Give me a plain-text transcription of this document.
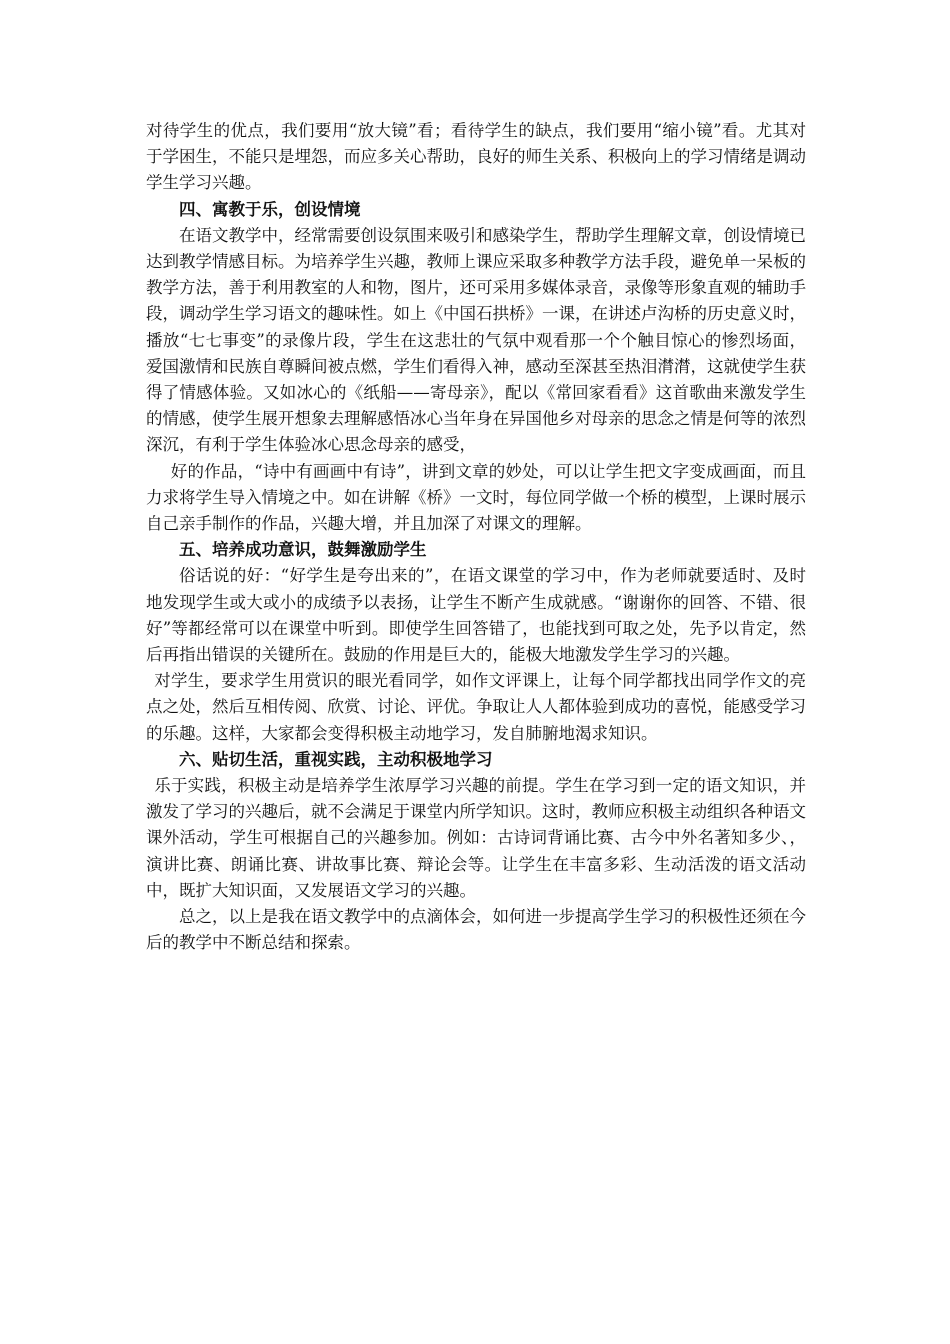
对待学生的优点，我们要用“放大镜”看；看待学生的缺点，我们要用“缩小镜”看。尤其对于学困生，不能只是埋怨，而应多关心帮助，良好的师生关系、积极向上的学习情绪是调动学生学习兴趣。

四、寓教于乐，创设情境

在语文教学中，经常需要创设氛围来吸引和感染学生，帮助学生理解文章，创设情境已达到教学情感目标。为培养学生兴趣，教师上课应采取多种教学方法手段，避免单一呆板的教学方法，善于利用教室的人和物，图片，还可采用多媒体录音，录像等形象直观的辅助手段，调动学生学习语文的趣味性。如上《中国石拱桥》一课，在讲述卢沟桥的历史意义时，播放“七七事变”的录像片段，学生在这悲壮的气氛中观看那一个个触目惊心的惨烈场面，爱国激情和民族自尊瞬间被点燃，学生们看得入神，感动至深甚至热泪潸潸，这就使学生获得了情感体验。又如冰心的《纸船——寄母亲》，配以《常回家看看》这首歌曲来激发学生的情感，使学生展开想象去理解感悟冰心当年身在异国他乡对母亲的思念之情是何等的浓烈深沉，有利于学生体验冰心思念母亲的感受，

好的作品，“诗中有画画中有诗”，讲到文章的妙处，可以让学生把文字变成画面，而且力求将学生导入情境之中。如在讲解《桥》一文时，每位同学做一个桥的模型，上课时展示自己亲手制作的作品，兴趣大增，并且加深了对课文的理解。

五、培养成功意识，鼓舞激励学生

俗话说的好：“好学生是夸出来的”，在语文课堂的学习中，作为老师就要适时、及时地发现学生或大或小的成绩予以表扬，让学生不断产生成就感。“谢谢你的回答、不错、很好”等都经常可以在课堂中听到。即使学生回答错了，也能找到可取之处，先予以肯定，然后再指出错误的关键所在。鼓励的作用是巨大的，能极大地激发学生学习的兴趣。

对学生，要求学生用赏识的眼光看同学，如作文评课上，让每个同学都找出同学作文的亮点之处，然后互相传阅、欣赏、讨论、评优。争取让人人都体验到成功的喜悦，能感受学习的乐趣。这样，大家都会变得积极主动地学习，发自肺腑地渴求知识。

六、贴切生活，重视实践，主动积极地学习

乐于实践，积极主动是培养学生浓厚学习兴趣的前提。学生在学习到一定的语文知识，并激发了学习的兴趣后，就不会满足于课堂内所学知识。这时，教师应积极主动组织各种语文课外活动，学生可根据自己的兴趣参加。例如：古诗词背诵比赛、古今中外名著知多少、，演讲比赛、朗诵比赛、讲故事比赛、辩论会等。让学生在丰富多彩、生动活泼的语文活动中，既扩大知识面，又发展语文学习的兴趣。

总之，以上是我在语文教学中的点滴体会，如何进一步提高学生学习的积极性还须在今后的教学中不断总结和探索。
